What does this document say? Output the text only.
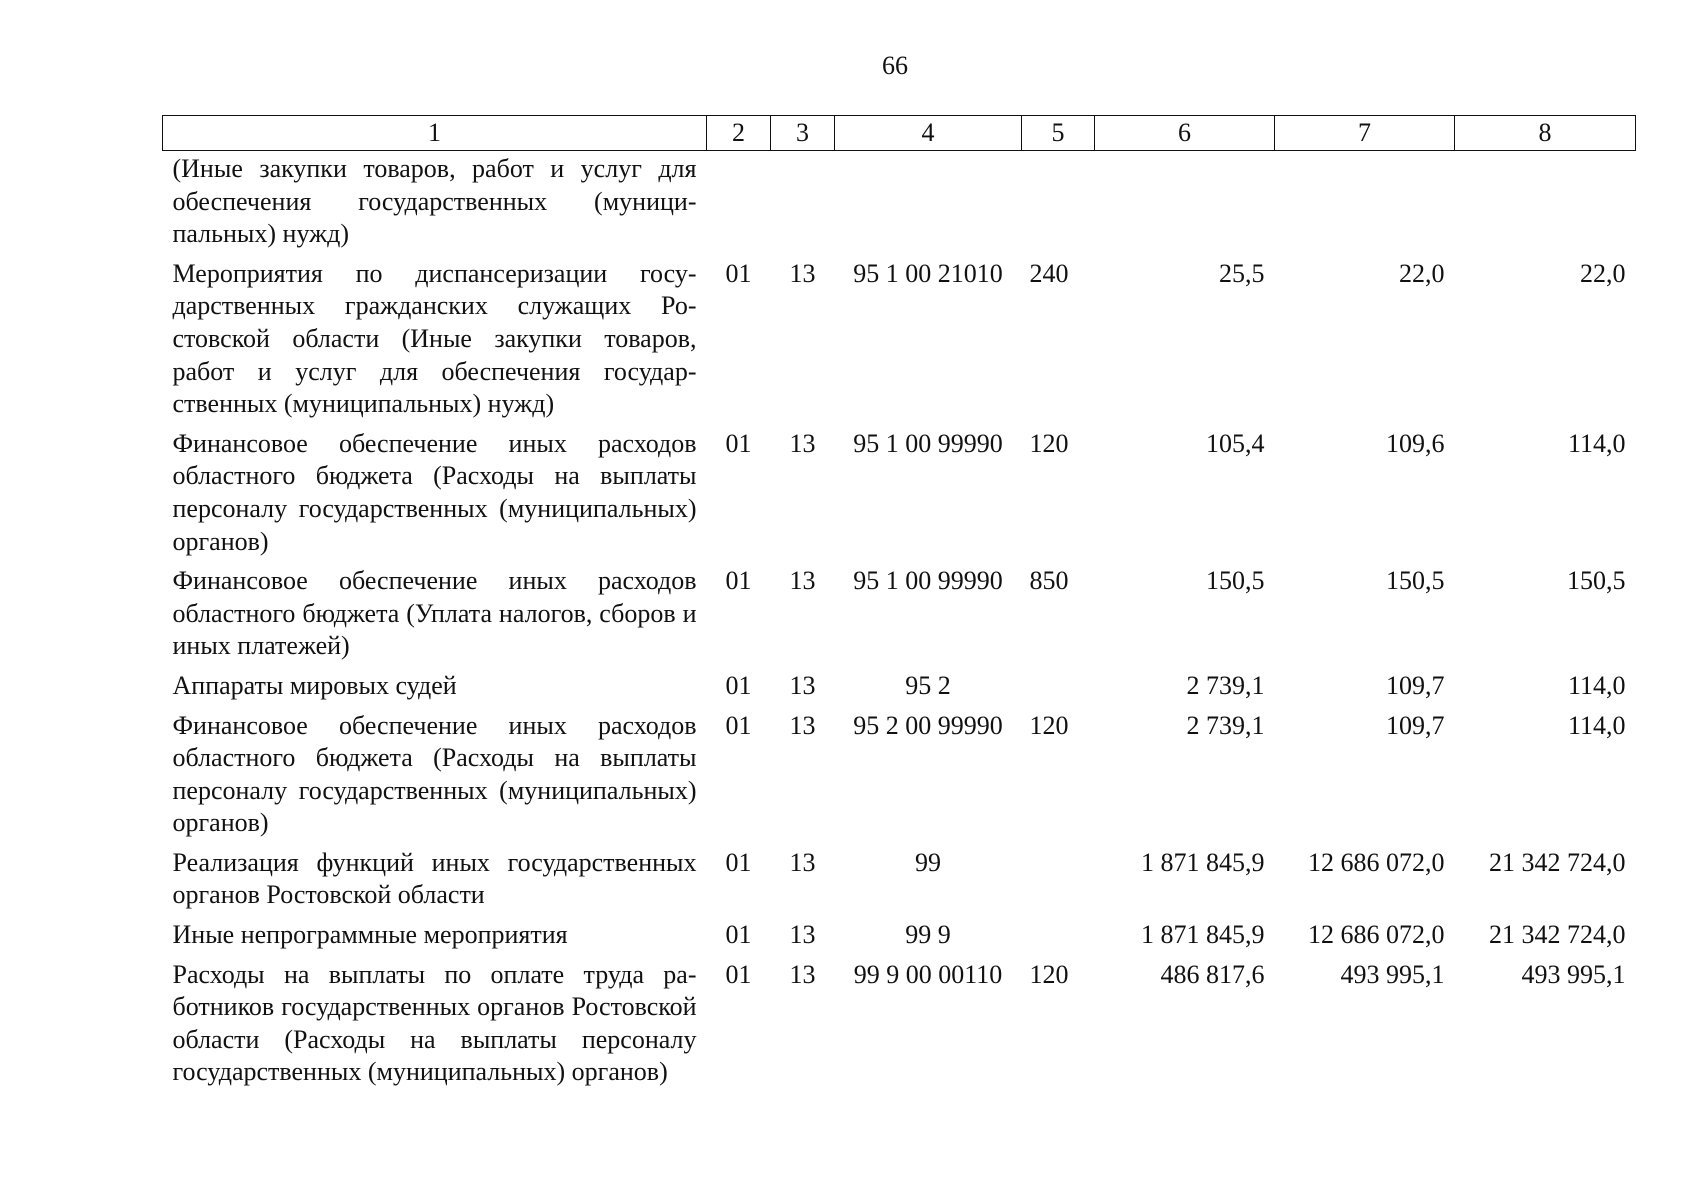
66
1	2	3	4	5	6	7	8
(Иные закупки товаров, работ и услуг для обеспечения государственных (муниципальных) нужд)							
Мероприятия по диспансеризации государственных гражданских служащих Ростовской области (Иные закупки товаров, работ и услуг для обеспечения государственных (муниципальных) нужд)	01	13	95 1 00 21010	240	25,5	22,0	22,0
Финансовое обеспечение иных расходов областного бюджета (Расходы на выплаты персоналу государственных (муниципальных) органов)	01	13	95 1 00 99990	120	105,4	109,6	114,0
Финансовое обеспечение иных расходов областного бюджета (Уплата налогов, сборов и иных платежей)	01	13	95 1 00 99990	850	150,5	150,5	150,5
Аппараты мировых судей	01	13	95 2		2 739,1	109,7	114,0
Финансовое обеспечение иных расходов областного бюджета (Расходы на выплаты персоналу государственных (муниципальных) органов)	01	13	95 2 00 99990	120	2 739,1	109,7	114,0
Реализация функций иных государственных органов Ростовской области	01	13	99		1 871 845,9	12 686 072,0	21 342 724,0
Иные непрограммные мероприятия	01	13	99 9		1 871 845,9	12 686 072,0	21 342 724,0
Расходы на выплаты по оплате труда работников государственных органов Ростовской области (Расходы на выплаты персоналу государственных (муниципальных) органов)	01	13	99 9 00 00110	120	486 817,6	493 995,1	493 995,1
